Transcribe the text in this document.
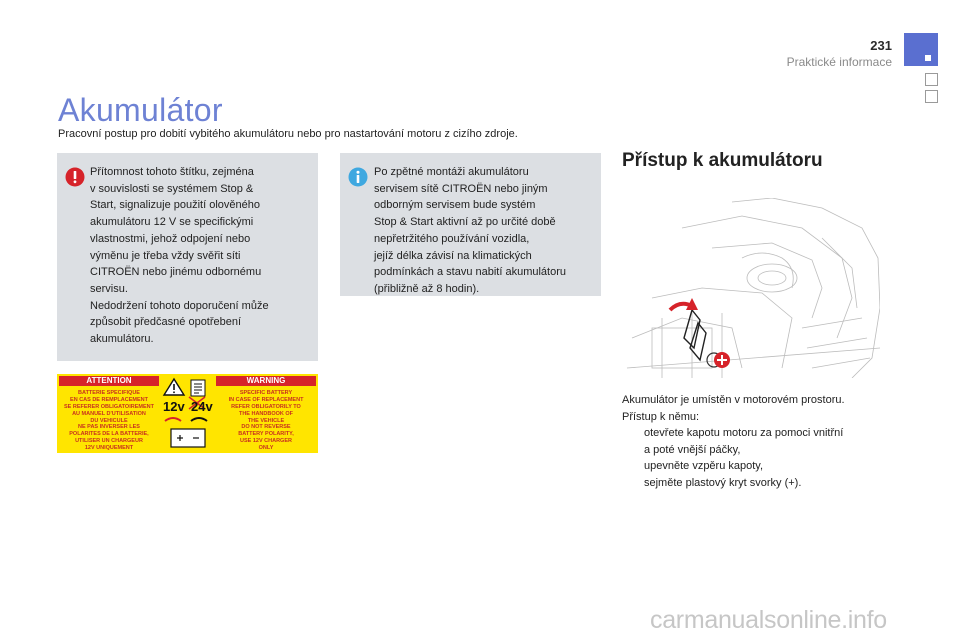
231
Praktické informace
Akumulátor
Pracovní postup pro dobití vybitého akumulátoru nebo pro nastartování motoru z cizího zdroje.
Přítomnost tohoto štítku, zejména
v souvislosti se systémem Stop &
Start, signalizuje použití olověného
akumulátoru 12 V se specifickými
vlastnostmi, jehož odpojení nebo
výměnu je třeba vždy svěřit síti
CITROËN nebo jinému odbornému
servisu.
Nedodržení tohoto doporučení může
způsobit předčasné opotřebení
akumulátoru.
Po zpětné montáži akumulátoru
servisem sítě CITROËN nebo jiným
odborným servisem bude systém
Stop & Start aktivní až po určité době
nepřetržitého používání vozidla,
jejíž délka závisí na klimatických
podmínkách a stavu nabití akumulátoru
(přibližně až 8 hodin).
ATTENTION	WARNING
BATTERIE SPECIFIQUE
EN CAS DE REMPLACEMENT
SE REFERER OBLIGATOIREMENT
AU MANUEL D'UTILISATION
DU VEHICULE
NE PAS INVERSER LES
POLARITES DE LA BATTERIE,
UTILISER UN CHARGEUR
12V UNIQUEMENT
SPECIFIC BATTERY
IN CASE OF REPLACEMENT
REFER OBLIGATORILY TO
THE HANDBOOK OF
THE VEHICLE
DO NOT REVERSE
BATTERY POLARITY,
USE 12V CHARGER
ONLY
12v 24v
Přístup k akumulátoru
Akumulátor je umístěn v motorovém prostoru.
Přístup k němu:
otevřete kapotu motoru za pomoci vnitřní
a poté vnější páčky,
upevněte vzpěru kapoty,
sejměte plastový kryt svorky (+).
carmanualsonline.info
